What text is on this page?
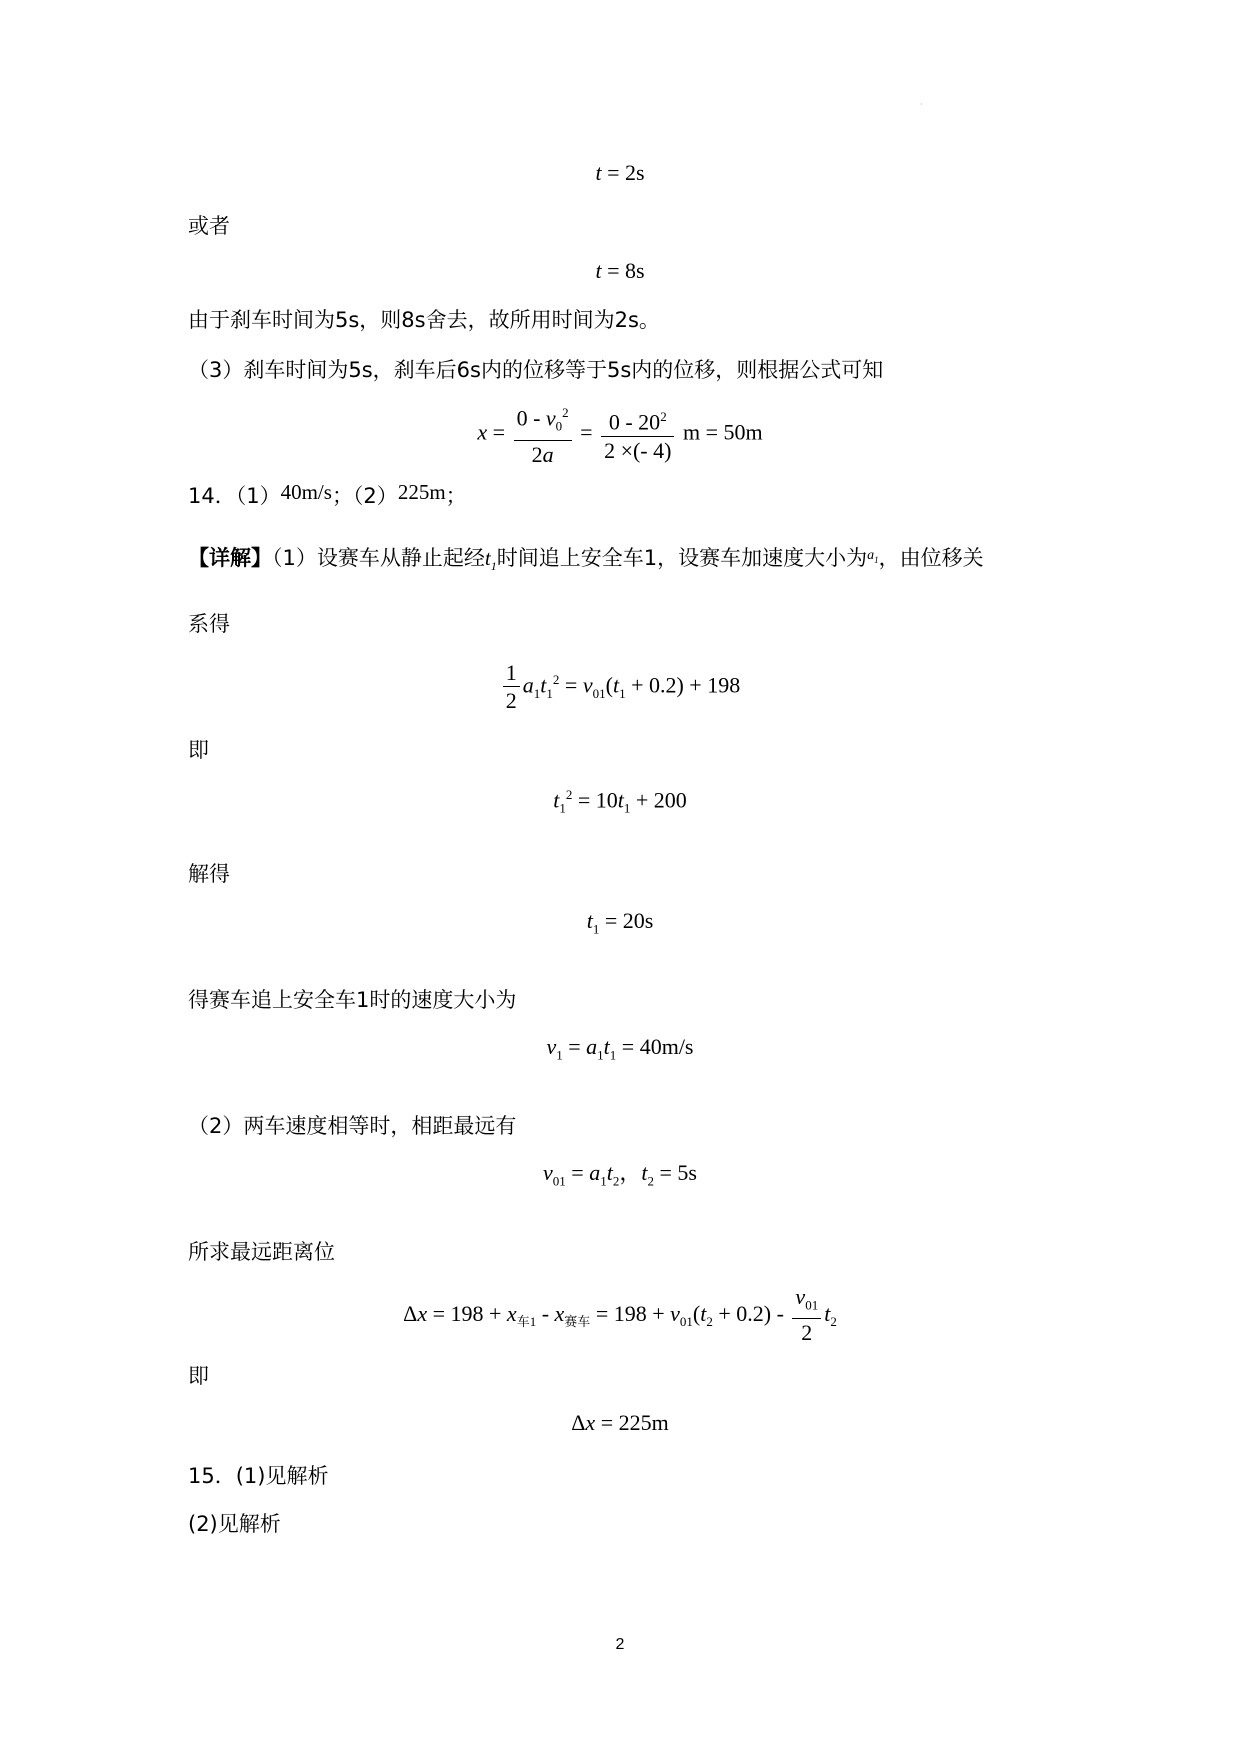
·
t = 2s
或者
t = 8s
由于刹车时间为5s，则8s舍去，故所用时间为2s。
（3）刹车时间为5s，刹车后6s内的位移等于5s内的位移，则根据公式可知
$x = \frac{0 - v_0^2}{2a} = \frac{0 - 20^2}{2 \times(- 4)}$ m = 50m
14．（1）40m/s；（2）225m；
【详解】（1）设赛车从静止起经$t_1$时间追上安全车1，设赛车加速度大小为$^{a_1}$，由位移关
系得
$\frac{1}{2} a_1t_1^2 = v_{01}(t_1 + 0.2) + 198$
即
$t_1^2 = 10t_1 + 200$
解得
$t_1 = 20s$
得赛车追上安全车1时的速度大小为
$v_1 = a_1t_1 = 40m/s$
（2）两车速度相等时，相距最远有
$v_{01} = a_1t_2$，$t_2 = 5s$
所求最远距离位
$\Delta x = 198 + x_{车1} - x_{赛车} = 198 + v_{01}(t_2 + 0.2) - \frac{v_{01}}{2} t_2$
即
Δx = 225m
15．(1)见解析
(2)见解析
2
